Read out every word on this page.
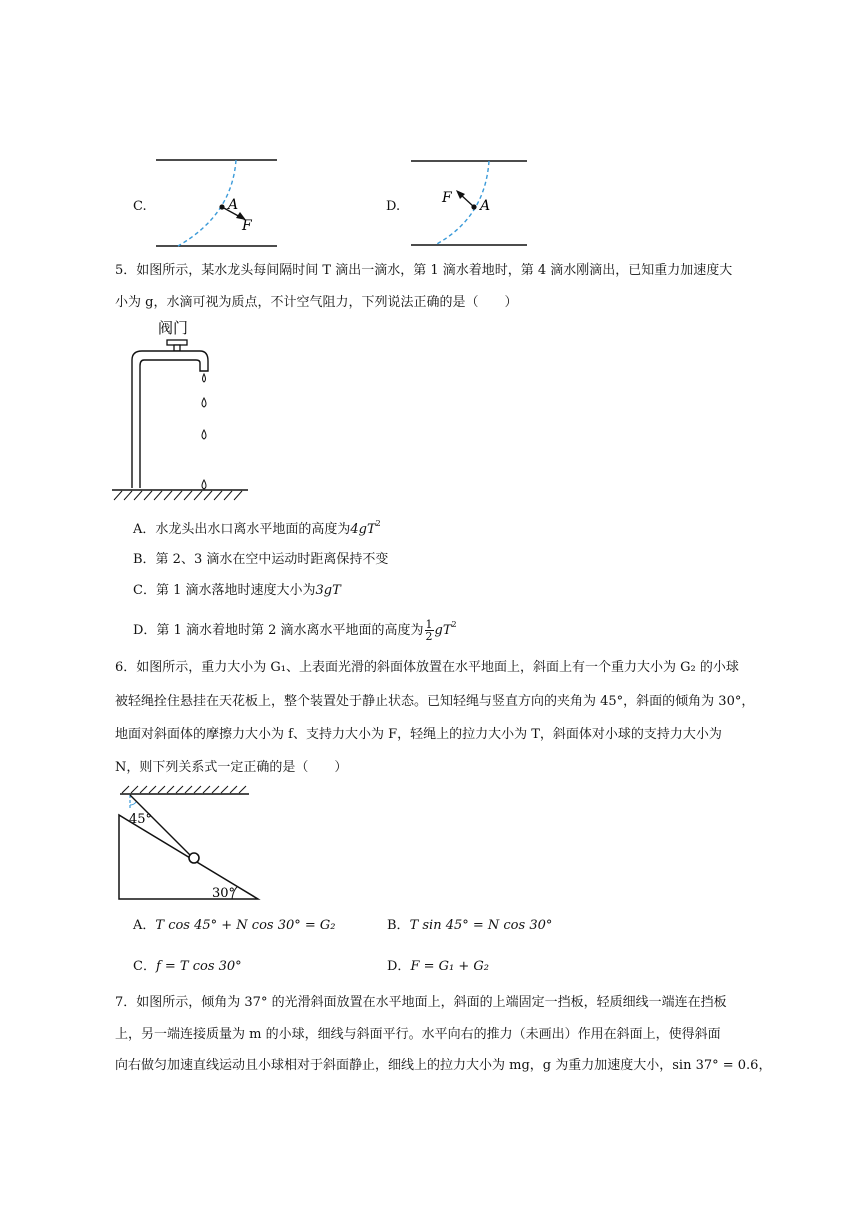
C.	A
F
D.	A
F
5．如图所示，某水龙头每间隔时间 T 滴出一滴水，第 1 滴水着地时，第 4 滴水刚滴出，已知重力加速度大
小为 g，水滴可视为质点，不计空气阻力，下列说法正确的是（　　）
阀门
A．水龙头出水口离水平地面的高度为$4gT^2$
B．第 2、3 滴水在空中运动时距离保持不变
C．第 1 滴水落地时速度大小为3gT
D．第 1 滴水着地时第 2 滴水离水平地面的高度为 $\frac{1}{2} gT^2$
6．如图所示，重力大小为 G₁、上表面光滑的斜面体放置在水平地面上，斜面上有一个重力大小为 G₂ 的小球
被轻绳拴住悬挂在天花板上，整个装置处于静止状态。已知轻绳与竖直方向的夹角为 45°，斜面的倾角为 30°，
地面对斜面体的摩擦力大小为 f、支持力大小为 F，轻绳上的拉力大小为 T，斜面体对小球的支持力大小为
N，则下列关系式一定正确的是（　　）
45°
30°
A．T cos 45° + N cos 30° = G₂	B．T sin 45° = N cos 30°
C．f = T cos 30°	D．F = G₁ + G₂
7．如图所示，倾角为 37° 的光滑斜面放置在水平地面上，斜面的上端固定一挡板，轻质细线一端连在挡板
上，另一端连接质量为 m 的小球，细线与斜面平行。水平向右的推力（未画出）作用在斜面上，使得斜面
向右做匀加速直线运动且小球相对于斜面静止，细线上的拉力大小为 mg，g 为重力加速度大小，sin 37° = 0.6，
